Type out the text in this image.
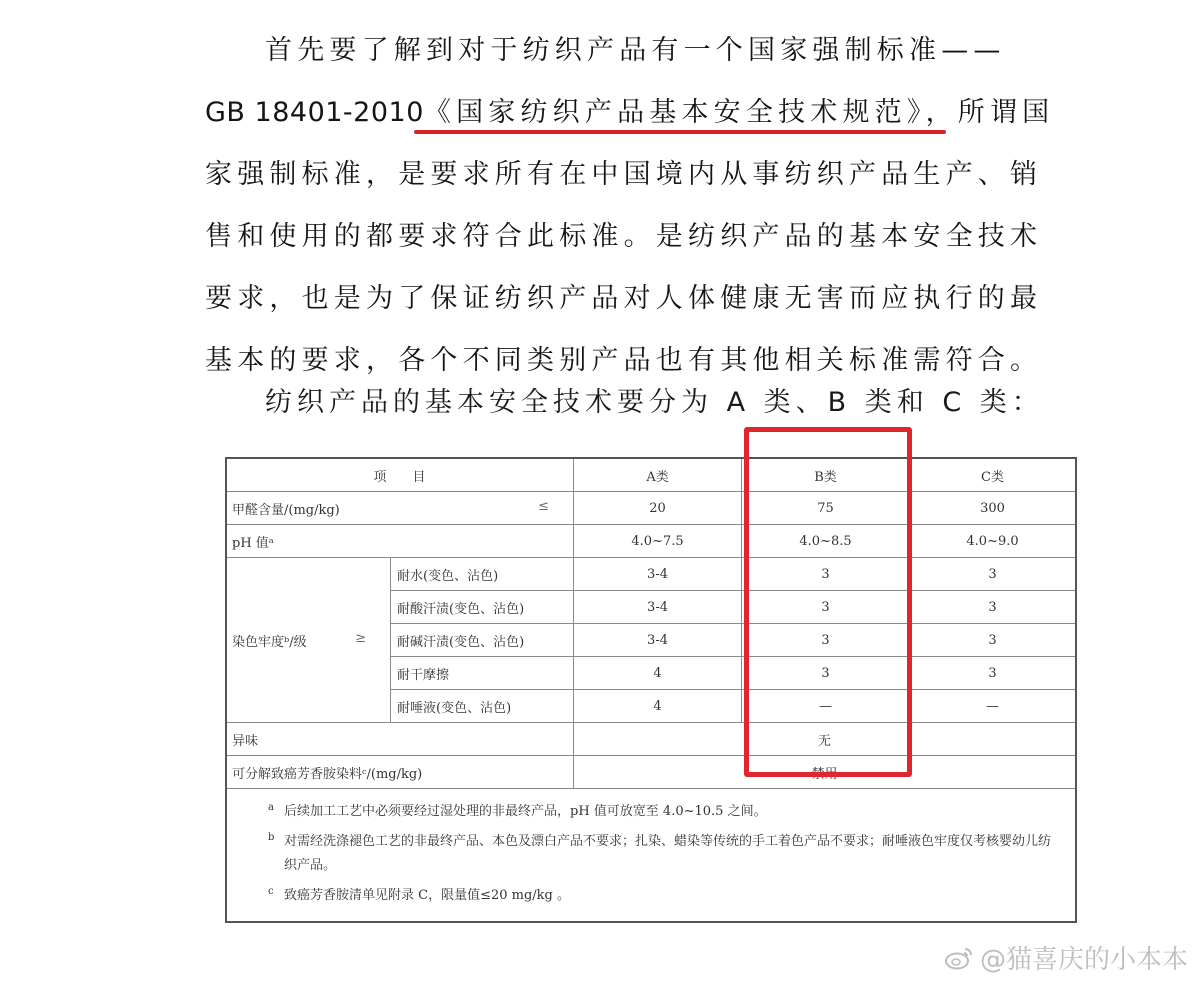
首先要了解到对于纺织产品有一个国家强制标准——
GB 18401-2010《国家纺织产品基本安全技术规范》，所谓国
家强制标准，是要求所有在中国境内从事纺织产品生产、销
售和使用的都要求符合此标准。是纺织产品的基本安全技术
要求，也是为了保证纺织产品对人体健康无害而应执行的最
基本的要求，各个不同类别产品也有其他相关标准需符合。
纺织产品的基本安全技术要分为 A 类、B 类和 C 类：
项　　目		A类	B类	C类
甲醛含量/(mg/kg) ≤		20	75	300
pH 值ᵃ		4.0~7.5	4.0~8.5	4.0~9.0
染色牢度ᵇ/级 ≥	耐水(变色、沾色)	3-4	3	3
	耐酸汗渍(变色、沾色)	3-4	3	3
	耐碱汗渍(变色、沾色)	3-4	3	3
	耐干摩擦	4	3	3
	耐唾液(变色、沾色)	4	—	—
异味		无		
可分解致癌芳香胺染料ᶜ/(mg/kg)		禁用		
a 后续加工工艺中必须要经过湿处理的非最终产品，pH 值可放宽至 4.0~10.5 之间。
b 对需经洗涤褪色工艺的非最终产品、本色及漂白产品不要求；扎染、蜡染等传统的手工着色产品不要求；耐唾液色牢度仅考核婴幼儿纺织产品。
c 致癌芳香胺清单见附录 C，限量值≤20 mg/kg 。
@猫喜庆的小本本
